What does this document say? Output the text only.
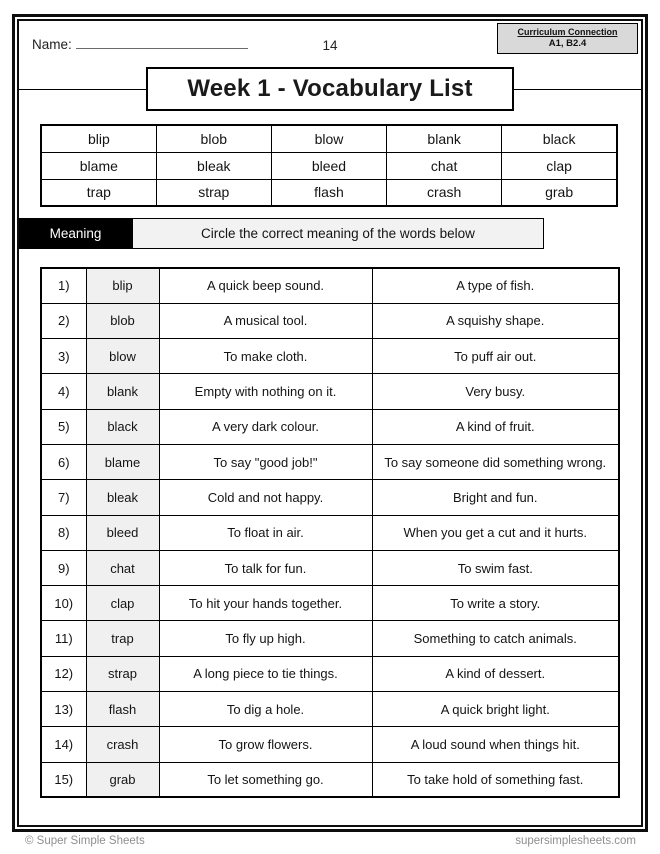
Name:	14
Curriculum Connection
A1, B2.4
Week 1 - Vocabulary List
blip	blob	blow	blank	black
blame	bleak	bleed	chat	clap
trap	strap	flash	crash	grab
Meaning	Circle the correct meaning of the words below
1)	blip	A quick beep sound.	A type of fish.
2)	blob	A musical tool.	A squishy shape.
3)	blow	To make cloth.	To puff air out.
4)	blank	Empty with nothing on it.	Very busy.
5)	black	A very dark colour.	A kind of fruit.
6)	blame	To say "good job!"	To say someone did something wrong.
7)	bleak	Cold and not happy.	Bright and fun.
8)	bleed	To float in air.	When you get a cut and it hurts.
9)	chat	To talk for fun.	To swim fast.
10)	clap	To hit your hands together.	To write a story.
11)	trap	To fly up high.	Something to catch animals.
12)	strap	A long piece to tie things.	A kind of dessert.
13)	flash	To dig a hole.	A quick bright light.
14)	crash	To grow flowers.	A loud sound when things hit.
15)	grab	To let something go.	To take hold of something fast.
© Super Simple Sheets	supersimplesheets.com
